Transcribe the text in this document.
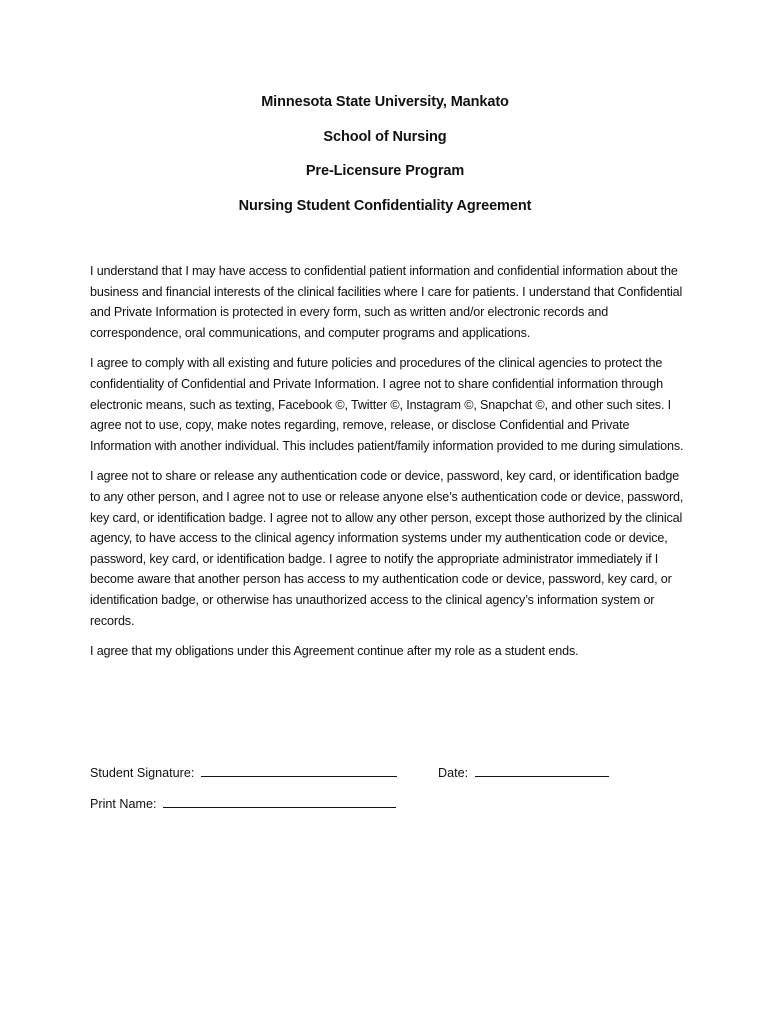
Minnesota State University, Mankato
School of Nursing
Pre-Licensure Program
Nursing Student Confidentiality Agreement

I understand that I may have access to confidential patient information and confidential information about the business and financial interests of the clinical facilities where I care for patients. I understand that Confidential and Private Information is protected in every form, such as written and/or electronic records and correspondence, oral communications, and computer programs and applications.

I agree to comply with all existing and future policies and procedures of the clinical agencies to protect the confidentiality of Confidential and Private Information. I agree not to share confidential information through electronic means, such as texting, Facebook ©, Twitter ©, Instagram ©, Snapchat ©, and other such sites. I agree not to use, copy, make notes regarding, remove, release, or disclose Confidential and Private Information with another individual. This includes patient/family information provided to me during simulations.

I agree not to share or release any authentication code or device, password, key card, or identification badge to any other person, and I agree not to use or release anyone else’s authentication code or device, password, key card, or identification badge. I agree not to allow any other person, except those authorized by the clinical agency, to have access to the clinical agency information systems under my authentication code or device, password, key card, or identification badge. I agree to notify the appropriate administrator immediately if I become aware that another person has access to my authentication code or device, password, key card, or identification badge, or otherwise has unauthorized access to the clinical agency’s information system or records.

I agree that my obligations under this Agreement continue after my role as a student ends.

Student Signature:	Date:
Print Name:
